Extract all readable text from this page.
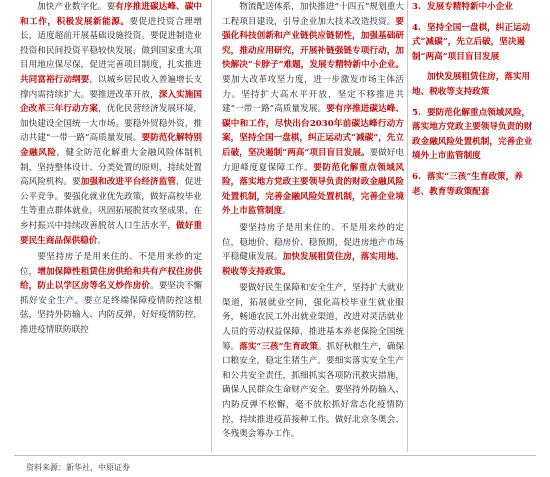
加快产业数字化。要有序推进碳达峰、碳中和工作，积极发展新能源。要促进投资合理增长，适度超前开展基础设施投资。要促进制造业投资和民间投资平稳较快发展，做到国家重大项目用地应保尽保，促进完善项目制度，扎实推进共同富裕行动纲要，以城乡居民收入普遍增长支撑内需持续扩大。要推进改革开放，深入实施国企改革三年行动方案，优化民营经济发展环境，加快建设全国统一大市场。要稳外贸稳外资，推动共建“一带一路”高质量发展。要防范化解特别金融风险，健全防范化解重大金融风险体制机制，坚持整体设计、分类处置的原则，持续处置高风险机构。要加强和改进平台经济监管，促进公平竞争。要强化就业优先政策，做好高校毕业生等重点群体就业，巩固拓展脱贫攻坚成果，在乡村振兴中持续改善脱贫人口生活水平，做好重要民生商品保供稳价。

要坚持房子是用来住的、不是用来炒的定位，增加保障性租赁住房供给和共有产权住房供给，防止以学区房等名义炒作房价。要坚决不懈抓好安全生产。要立足终端保障疫情防控这根弦，坚持外防输入、内防反弹，好好疫情防控，推进疫情联防联控

物流配送体系，加快推进“十四五”规划重大工程项目建设，引导企业加大技术改造投资。要强化科技创新和产业链供应链韧性，加强基础研究，推动应用研究，开展补链强链专项行动，加快解决“卡脖子”难题，发展专精特新中小企业。要加大改革攻坚力度，进一步激发市场主体活力。坚持扩大高水平开放，坚定不移推进共建“一带一路”高质量发展。要有序推进碳达峰、碳中和工作，尽快出台2030年前碳达峰行动方案，坚持全国一盘棋，纠正运动式“减碳”，先立后破，坚决遏制“两高”项目盲目发展。要做好电力迎峰度夏保障工作。要防范化解重点领域风险，落实地方党政主要领导负责的财政金融风险处置机制，完善金融风险处置机制，完善企业境外上市监管制度。

要坚持房子是用来住的、不是用来炒的定位，稳地价、稳房价、稳预期，促进房地产市场平稳健康发展。加快发展租赁住房，落实用地、税收等支持政策。

要做好民生保障和安全生产，坚持扩大就业渠道，拓展就业空间，强化高校毕业生就业服务，畅通农民工外出就业渠道，改进对灵活就业人员的劳动权益保障，推进基本养老保险全国统筹。落实“三孩”生育政策。抓好秋粮生产，确保口粮安全，稳定生猪生产。要细实落实安全生产和公共安全责任，抓细抓实各项防汛救灾措施，确保人民群众生命财产安全。要坚持外防输入、内防反弹不松懈，毫不放松抓好常态化疫情防控，持续推进疫苗接种工作。做好北京冬奥会、冬残奥会筹办工作。

3. 发展专精特新中小企业
4. 坚持全国一盘棋，纠正运动式“减碳”，先立后破，坚决遏制“两高”项目盲目发展
加快发展租赁住房，落实用地、税收等支持政策
5. 要防范化解重点领域风险，落实地方党政主要领导负责的财政金融风险处置机制，完善企业境外上市监管制度
6. 落实“三孩”生育政策，养老、教育等政策配套
资料来源：新华社，中原证券
